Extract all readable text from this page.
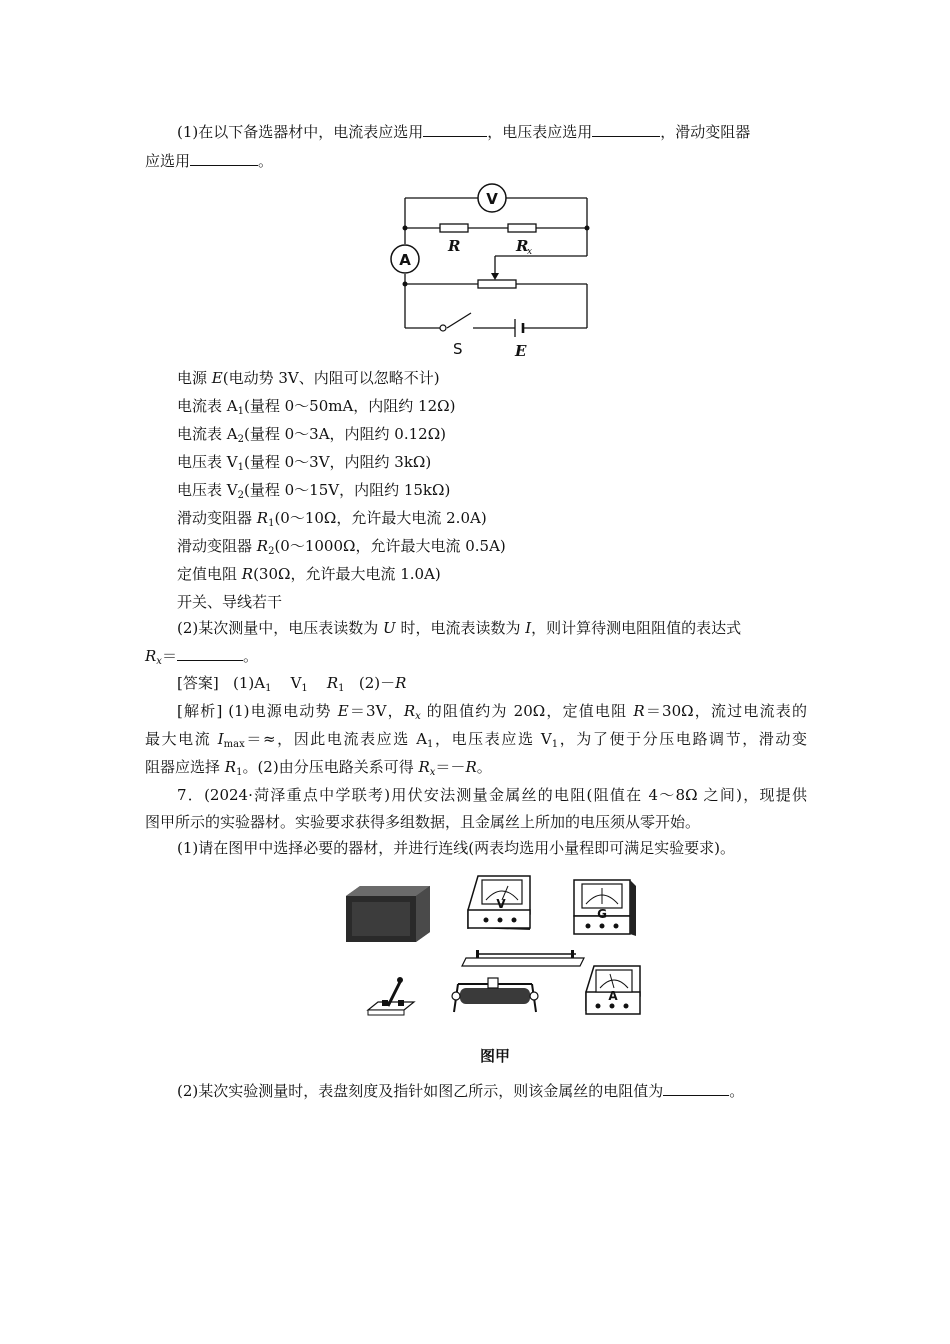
(1)在以下备选器材中，电流表应选用	，电压表应选用	，滑动变阻器
应选用	。
V
A
R	R
x
S	E
电源 E(电动势 3V、内阻可以忽略不计)
电流表 $A_1$(量程 0～50mA，内阻约 12Ω)
电流表 $A_2$(量程 0～3A，内阻约 0.12Ω)
电压表 $V_1$(量程 0～3V，内阻约 3kΩ)
电压表 $V_2$(量程 0～15V，内阻约 15kΩ)
滑动变阻器 $R_1(0\sim 10\Omega$，允许最大电流 2.0A)
滑动变阻器 $R_2(0\sim 1000\Omega$，允许最大电流 0.5A)
定值电阻 R(30Ω，允许最大电流 1.0A)
开关、导线若干
(2)某次测量中，电压表读数为 U 时，电流表读数为 I，则计算待测电阻阻值的表达式
$R_x=$	。
[答案] $(1)A_1$ $V_1$ $R_1$ (2)－R
[解析] (1)电源电动势 E＝3V，$R_x$ 的阻值约为 20Ω，定值电阻 R＝30Ω，流过电流表的
最大电流 $I_{max}=\approx$，因此电流表应选 $A_1$，电压表应选 $V_1$，为了便于分压电路调节，滑动变
阻器应选择 $R_1$。(2)由分压电路关系可得 $R_x=-R$。
7．(2024·菏泽重点中学联考)用伏安法测量金属丝的电阻(阻值在 4～8Ω 之间)，现提供
图甲所示的实验器材。实验要求获得多组数据，且金属丝上所加的电压须从零开始。
(1)请在图甲中选择必要的器材，并进行连线(两表均选用小量程即可满足实验要求)。
V
G
A
图甲
(2)某次实验测量时，表盘刻度及指针如图乙所示，则该金属丝的电阻值为	。
